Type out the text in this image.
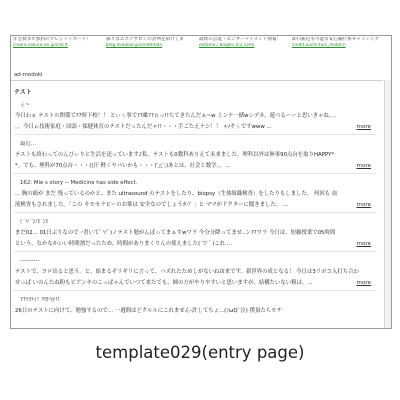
年会費永年無料のクレジットカード！
creore.sakura.ne.jp/cmc/t
様々なエステサロンの評判を紹介しま
blog.livedoor.jp/smethtida
最新の芸能・エンターテイメント情報！
entame7.blog91.fc2.com/
即日振込も可能な安心銀行系キャッシング
credit.ouchi-tu/c_mobit.h
ad-modoki
テスト
ぇ~
今日わぁ テストの関係で??時下校！！ とぃぅ事で??雄??ぉっ!!ちてきたんだぁ~w ミンナ一緒wンデネ。遊べるーーと思いきゃね。。。
。。今日ゎ技術家庭・国語・保健体育のテストだったんだゃ!!・・・手ごたえナシ！！ ゃ/そぅですwww ...	more
最近…
テストも終わってのんびぃりと生活を送っています♪私。テストも0教科ありえて未来ました。理科以外は無事90点台を取りHAPPY*
*。でも、理科が70点台・・・((汗 軽くヤバいかも・・・( ̄△ ̄;)あとは、社会と数学。。...	more
162: Mie s story -- Medicine has side effect.
... 胸の痛が まだ 残っているのかと、また ultrasound のテストをしたり、biopsy（生体組織検査）をしたりもしました。 何回も 血
液検査もされました。「この キモセラピーのお薬は 安全なのでしょうか？」と ママがドクターに聞きました。 ...	more
(ﾟ∀ﾟ)ﾉﾋﾞﾝﾋﾞ
まだ02... 01日ぶりなので ｰ書いてﾟ∀ﾟ)ノテスト勉がんばってまぁすwワラ 今分分降ってませ..ン??ワラ 今日は、短縮授業で05時間
という、なかなかいい時間割だったため、時間がありまくりんの使えました(´▽｀)これ ...	more
----------
テストで、ヨロ出ると思う。と、始まるギリギリに言って、ハズれたためしがないね由来です。新世界の成となる！ 今日は3リポコ入打ち合わ
せっぱ いのんたね粉もピアンキのこっぱゃんでいつて来たでも、師の方がやりやすいと思いますが、結構たいない粗は。...	more
??ﾃｽﾃｨ?ﾞ?昨昼!!
26日のテストに向けて、勉強するので… 一週間ほどクルルにこれません-許してちょ...(ﾉωQ`泣) 僕頂たらモチ
template029(entry page)
